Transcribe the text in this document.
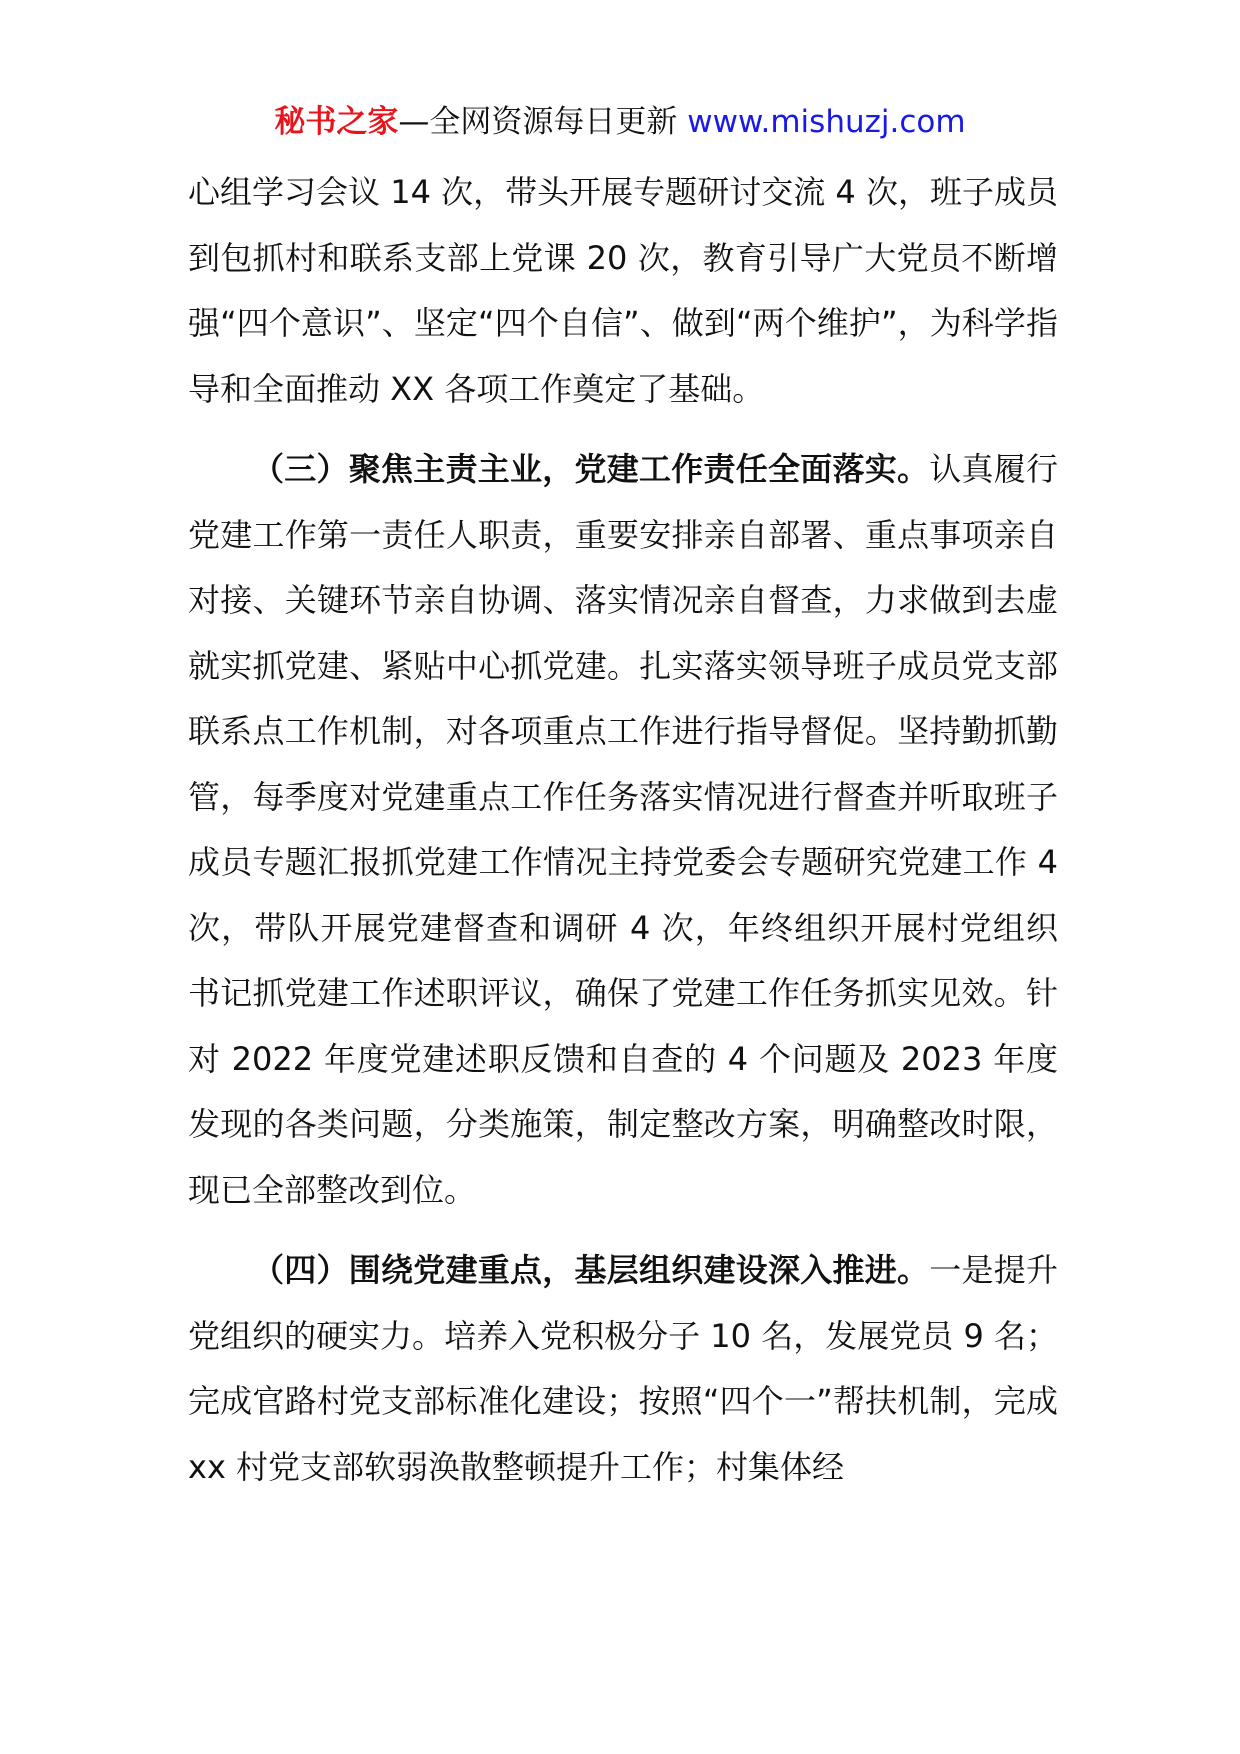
秘书之家—全网资源每日更新 www.mishuzj.com

心组学习会议 14 次，带头开展专题研讨交流 4 次，班子成员到包抓村和联系支部上党课 20 次，教育引导广大党员不断增强“四个意识”、坚定“四个自信”、做到“两个维护”，为科学指导和全面推动 XX 各项工作奠定了基础。

（三）聚焦主责主业，党建工作责任全面落实。认真履行党建工作第一责任人职责，重要安排亲自部署、重点事项亲自对接、关键环节亲自协调、落实情况亲自督查，力求做到去虚就实抓党建、紧贴中心抓党建。扎实落实领导班子成员党支部联系点工作机制，对各项重点工作进行指导督促。坚持勤抓勤管，每季度对党建重点工作任务落实情况进行督查并听取班子成员专题汇报抓党建工作情况主持党委会专题研究党建工作 4 次，带队开展党建督查和调研 4 次，年终组织开展村党组织书记抓党建工作述职评议，确保了党建工作任务抓实见效。针对 2022 年度党建述职反馈和自查的 4 个问题及 2023 年度发现的各类问题，分类施策，制定整改方案，明确整改时限，现已全部整改到位。

（四）围绕党建重点，基层组织建设深入推进。一是提升党组织的硬实力。培养入党积极分子 10 名，发展党员 9 名；完成官路村党支部标准化建设；按照“四个一”帮扶机制，完成 xx 村党支部软弱涣散整顿提升工作；村集体经
